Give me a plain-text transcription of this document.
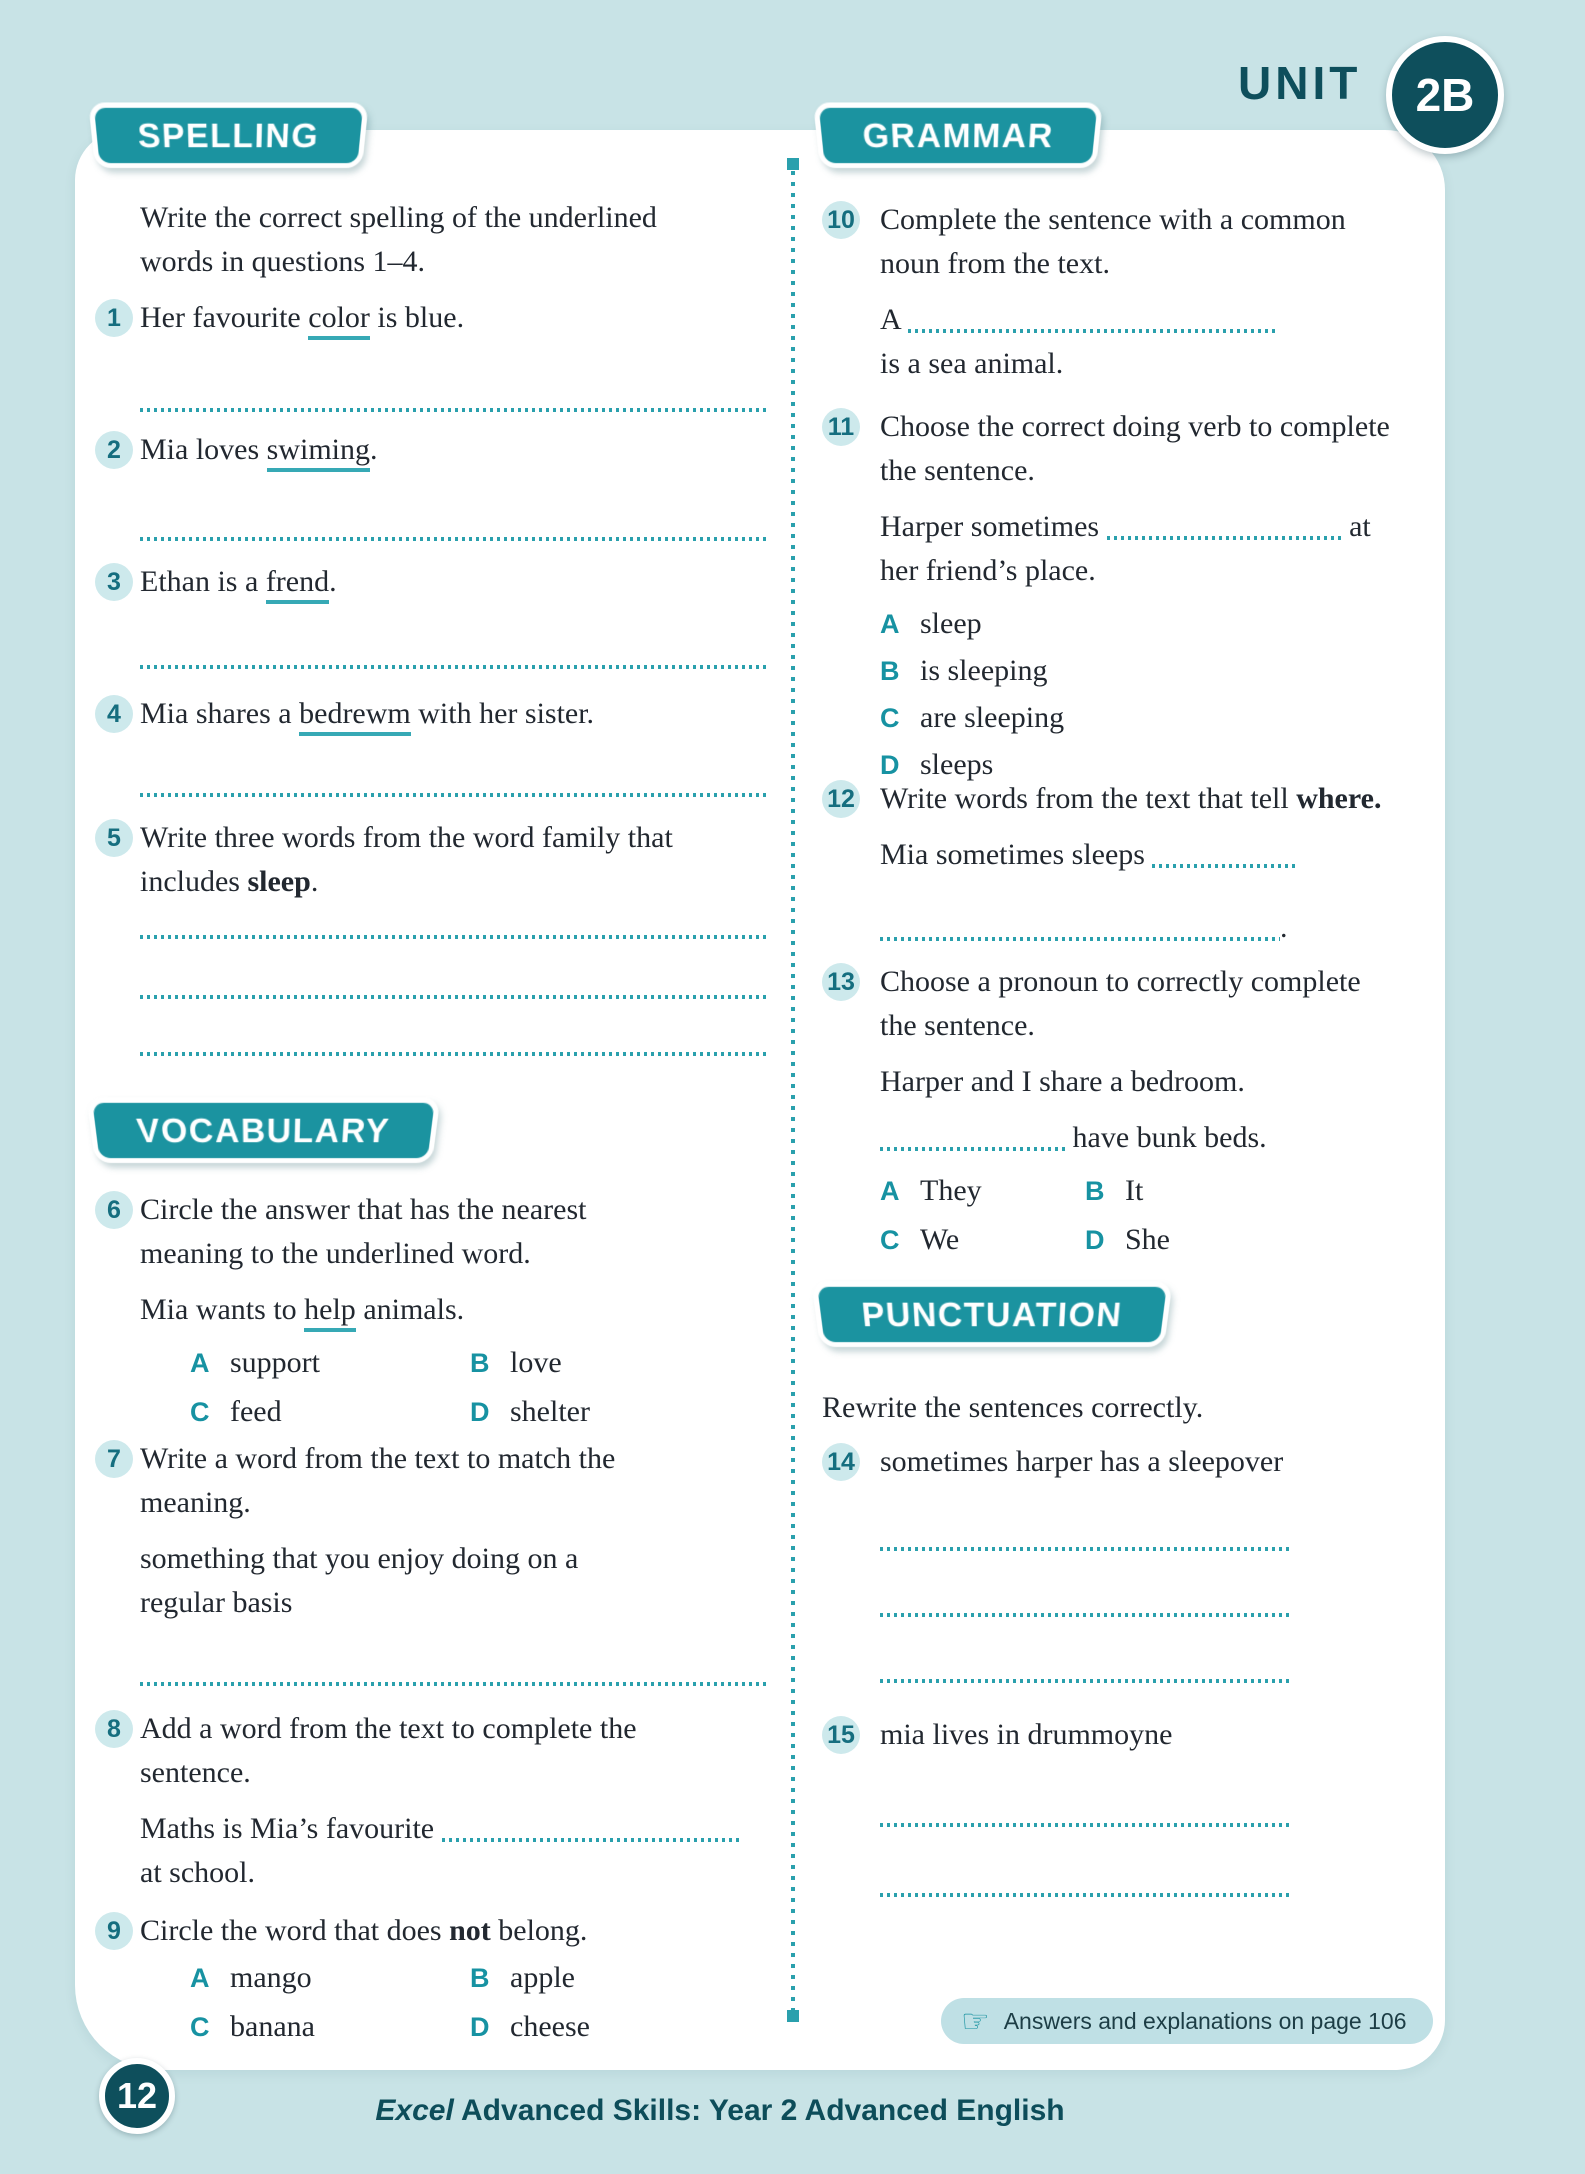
UNIT 2B
SPELLING	GRAMMAR
VOCABULARY
PUNCTUATION
Write the correct spelling of the underlined
words in questions 1–4.
1 Her favourite color is blue.
2 Mia loves swiming.
3 Ethan is a frend.
4 Mia shares a bedrewm with her sister.
5 Write three words from the word family that
includes sleep.
6 Circle the answer that has the nearest
meaning to the underlined word.
Mia wants to help animals.
A support	B love
C feed	D shelter
7 Write a word from the text to match the
meaning.
something that you enjoy doing on a
regular basis
8 Add a word from the text to complete the
sentence.
Maths is Mia’s favourite
at school.
9 Circle the word that does not belong.
A mango	B apple
C banana	D cheese
10 Complete the sentence with a common
noun from the text.
A
is a sea animal.
11 Choose the correct doing verb to complete
the sentence.
Harper sometimes	at
her friend’s place.
A sleep
B is sleeping
C are sleeping
D sleeps
12 Write words from the text that tell where.
Mia sometimes sleeps
.
13 Choose a pronoun to correctly complete
the sentence.
Harper and I share a bedroom.
have bunk beds.
A They	B It
C We	D She
Rewrite the sentences correctly.
14 sometimes harper has a sleepover
15 mia lives in drummoyne
☞ Answers and explanations on page 106
12	Excel Advanced Skills: Year 2 Advanced English
